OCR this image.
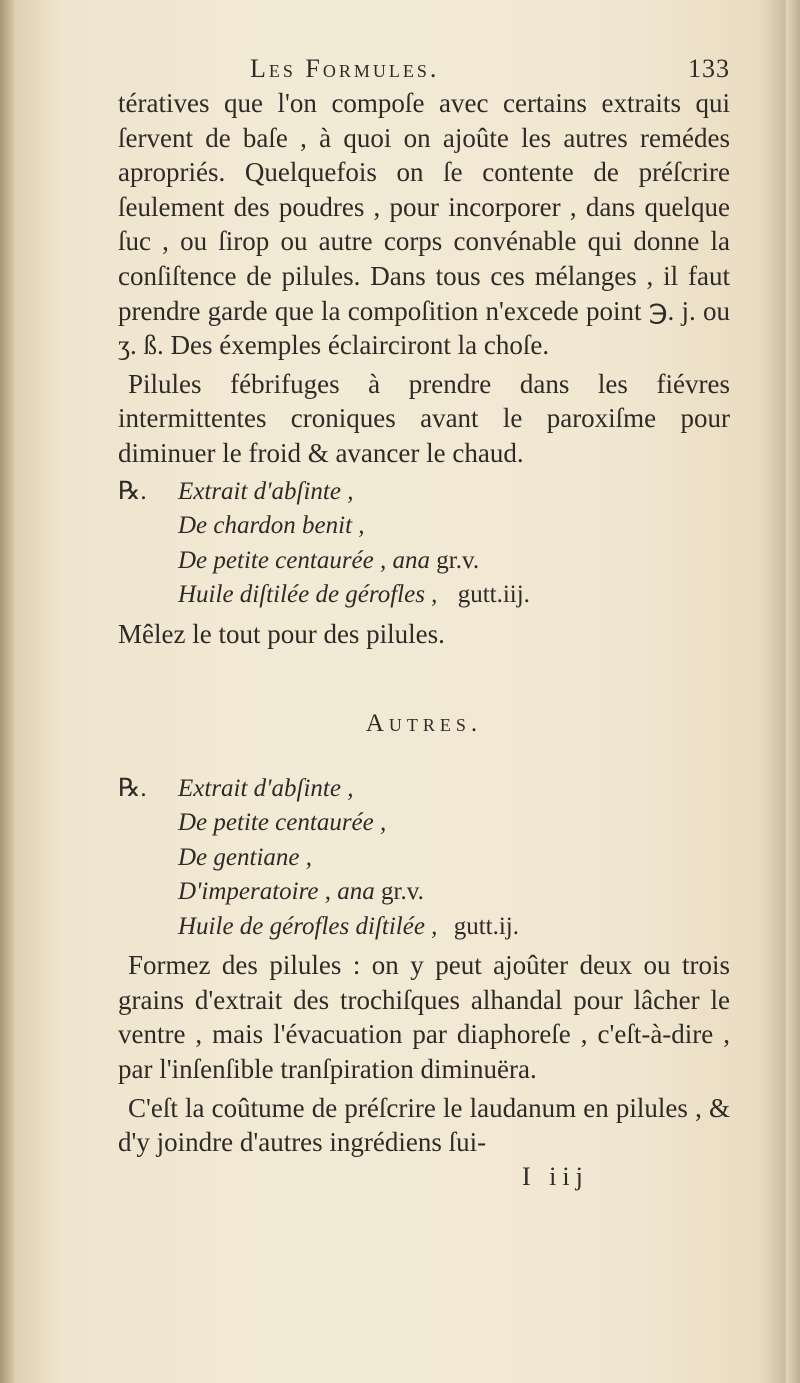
Les Formules.	133

tératives que l'on compoſe avec certains extraits qui ſervent de baſe , à quoi on ajoûte les autres remédes apropriés. Quelquefois on ſe contente de préſcrire ſeulement des poudres , pour incorporer , dans quelque ſuc , ou ſirop ou autre corps convénable qui donne la conſiſtence de pilules. Dans tous ces mélanges , il faut prendre garde que la compoſition n'excede point ℈. j. ou ʒ. ß. Des éxemples éclairciront la choſe.

Pilules fébrifuges à prendre dans les fiévres intermittentes croniques avant le paroxiſme pour diminuer le froid & avancer le chaud.

℞. Extrait d'abſinte ,
De chardon benit ,
De petite centaurée , ana gr.v.
Huile diſtilée de gérofles , gutt.iij.

Mêlez le tout pour des pilules.

Autres.
℞. Extrait d'abſinte ,
De petite centaurée ,
De gentiane ,
D'imperatoire , ana gr.v.
Huile de gérofles diſtilée , gutt.ij.

Formez des pilules : on y peut ajoûter deux ou trois grains d'extrait des trochiſques alhandal pour lâcher le ventre , mais l'évacuation par diaphoreſe , c'eſt-à-dire , par l'inſenſible tranſpiration diminuëra.

C'eſt la coûtume de préſcrire le laudanum en pilules , & d'y joindre d'autres ingrédiens ſui-

I iij
